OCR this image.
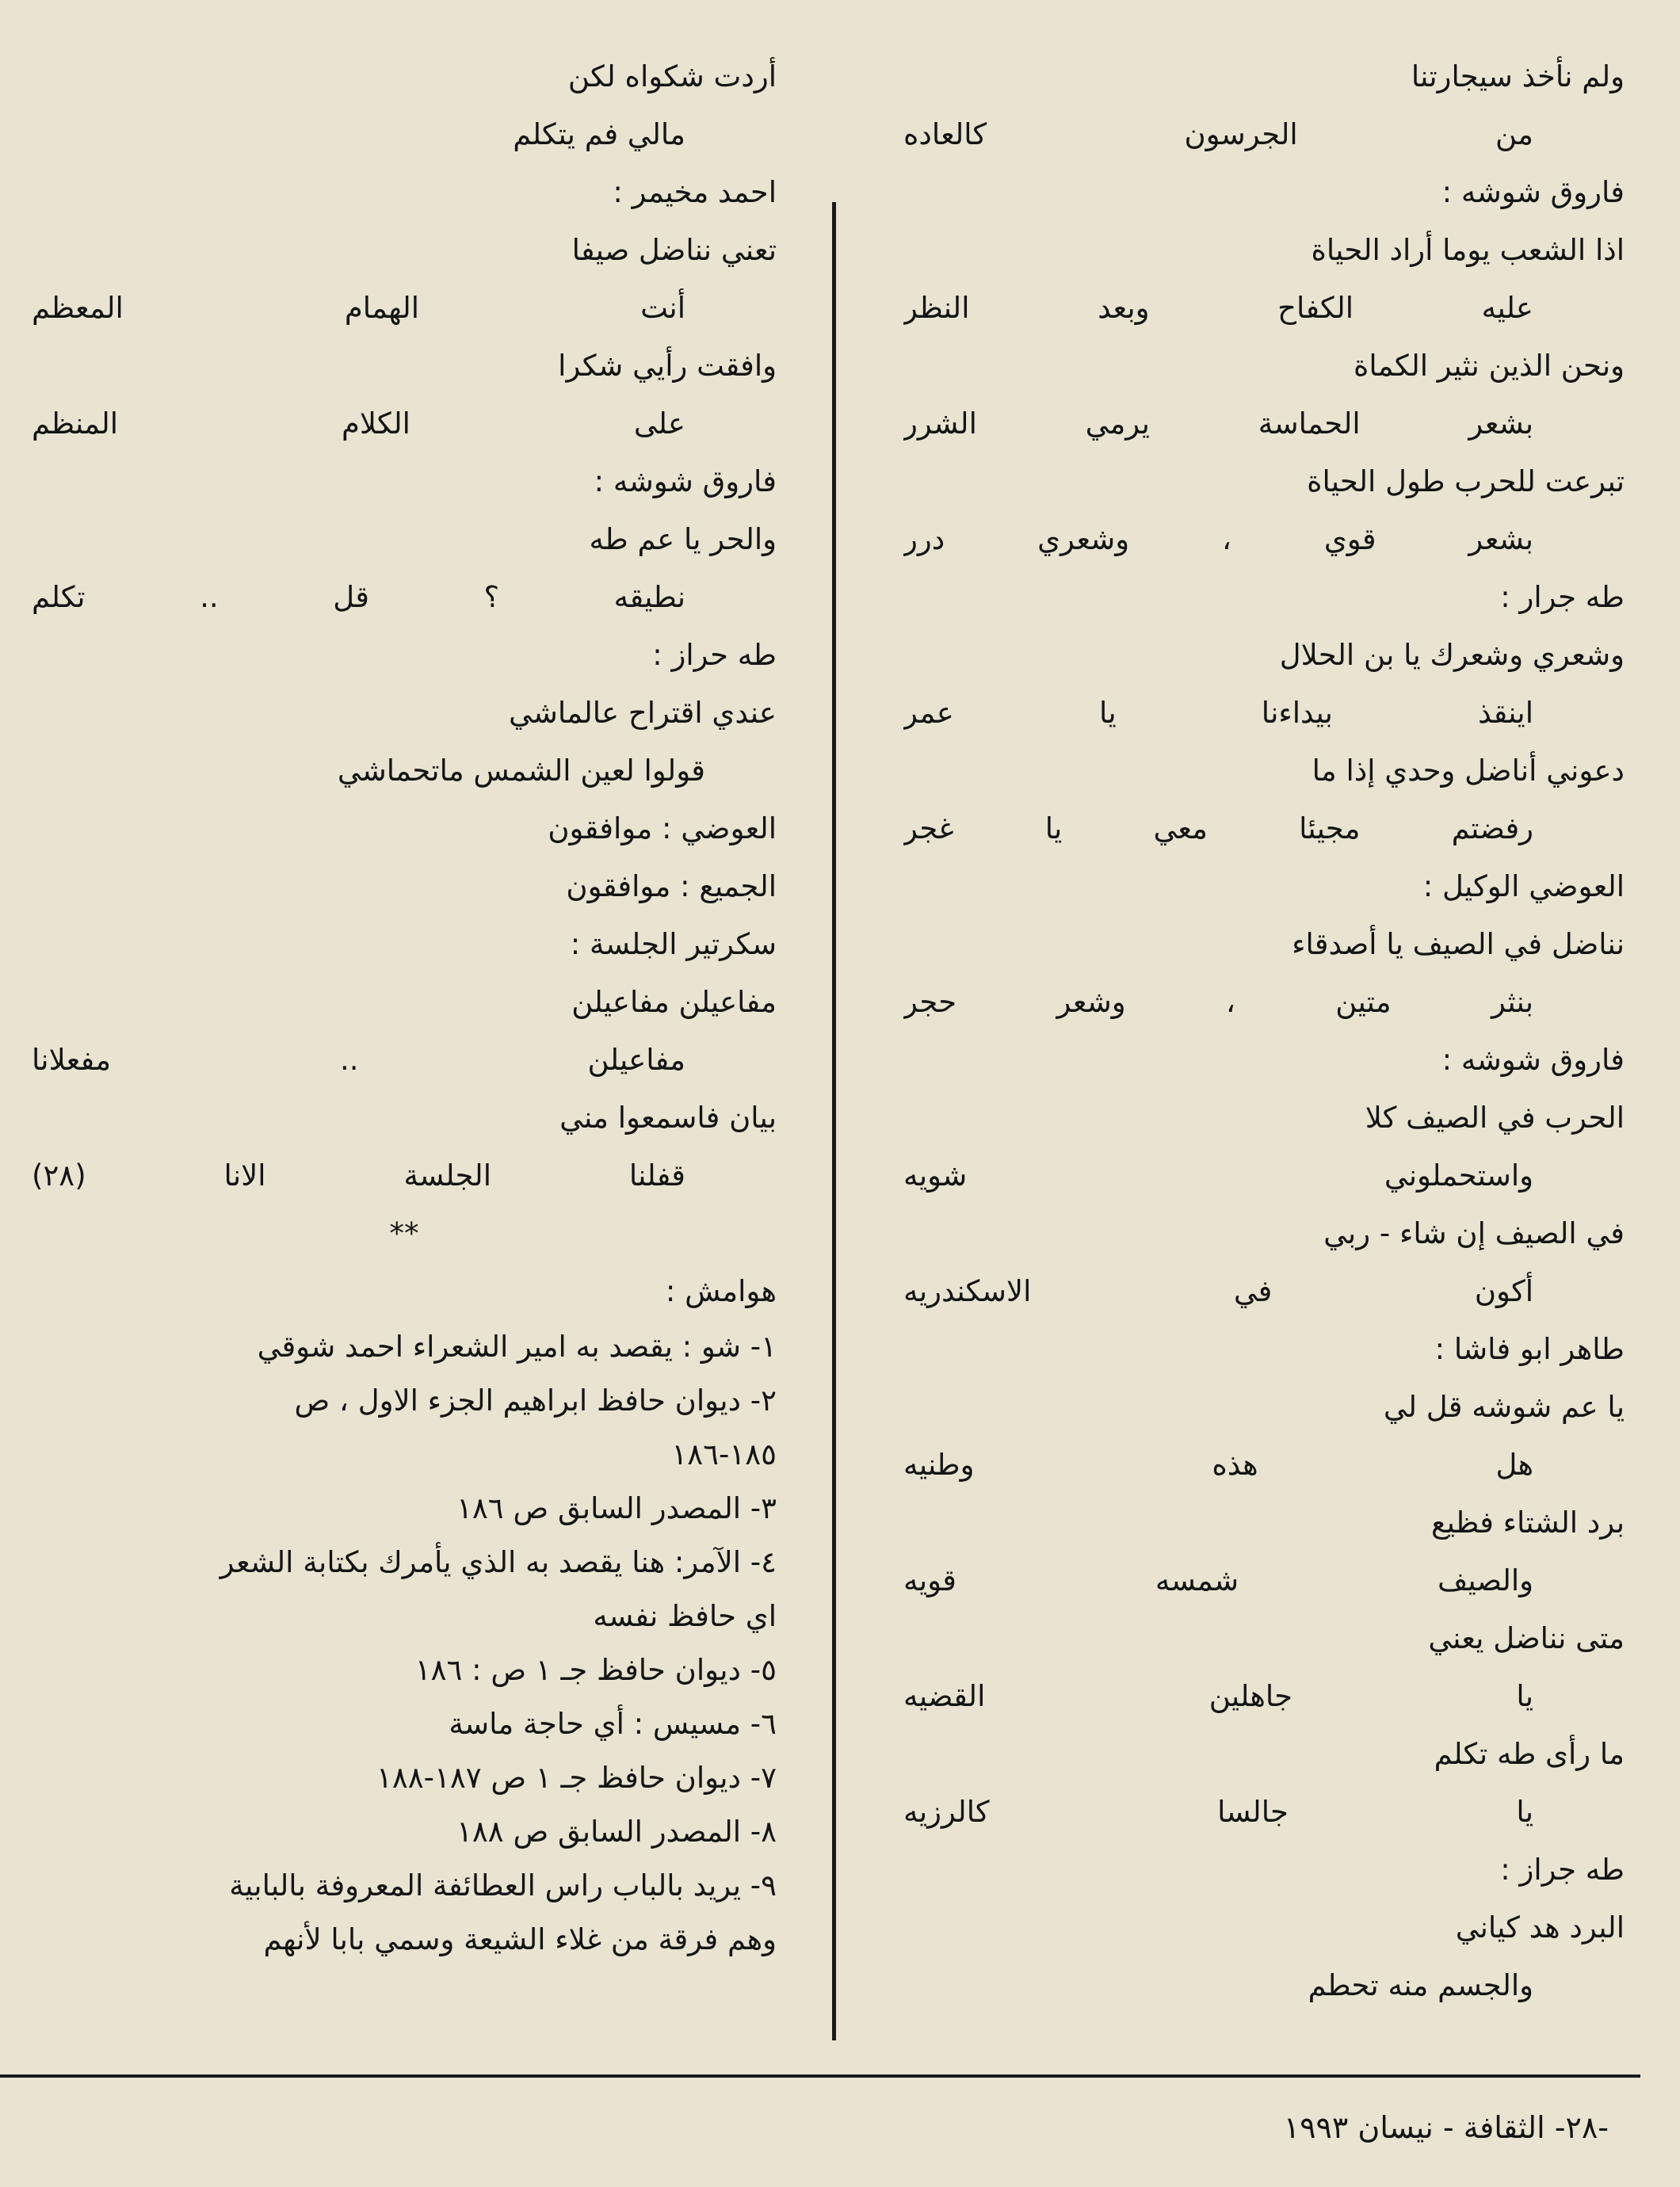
ولم نأخذ سيجارتنا
من الجرسون كالعاده
فاروق شوشه :
اذا الشعب يوما أراد الحياة
عليه الكفاح وبعد النظر
ونحن الذين نثير الكماة
بشعر الحماسة يرمي الشرر
تبرعت للحرب طول الحياة
بشعر قوي ، وشعري درر
طه جرار :
وشعري وشعرك يا بن الحلال
اينقذ بيداءنا يا عمر
دعوني أناضل وحدي إذا ما
رفضتم مجيئا معي يا غجر
العوضي الوكيل :
نناضل في الصيف يا أصدقاء
بنثر متين ، وشعر حجر
فاروق شوشه :
الحرب في الصيف كلا
واستحملوني شويه
في الصيف إن شاء - ربي
أكون في الاسكندريه
طاهر ابو فاشا :
يا عم شوشه قل لي
هل هذه وطنيه
برد الشتاء فظيع
والصيف شمسه قويه
متى نناضل يعني
يا جاهلين القضيه
ما رأى طه تكلم
يا جالسا كالرزيه
طه جراز :
البرد هد كياني
والجسم منه تحطم
أردت شكواه لكن
مالي فم يتكلم
احمد مخيمر :
تعني نناضل صيفا
أنت الهمام المعظم
وافقت رأيي شكرا
على الكلام المنظم
فاروق شوشه :
والحر يا عم طه
نطيقه ؟ قل .. تكلم
طه حراز :
عندي اقتراح عالماشي
قولوا لعين الشمس ماتحماشي
العوضي : موافقون
الجميع : موافقون
سكرتير الجلسة :
مفاعيلن مفاعيلن
مفاعيلن .. مفعلانا
بيان فاسمعوا مني
قفلنا الجلسة الانا (٢٨)
**
هوامش :
١- شو : يقصد به امير الشعراء احمد شوقي
٢- ديوان حافظ ابراهيم الجزء الاول ، ص
١٨٥-١٨٦
٣- المصدر السابق ص ١٨٦
٤- الآمر: هنا يقصد به الذي يأمرك بكتابة الشعر
اي حافظ نفسه
٥- ديوان حافظ جـ ١ ص : ١٨٦
٦- مسيس : أي حاجة ماسة
٧- ديوان حافظ جـ ١ ص ١٨٧-١٨٨
٨- المصدر السابق ص ١٨٨
٩- يريد بالباب راس العطائفة المعروفة بالبابية
وهم فرقة من غلاء الشيعة وسمي بابا لأنهم
-٢٨- الثقافة - نيسان ١٩٩٣
